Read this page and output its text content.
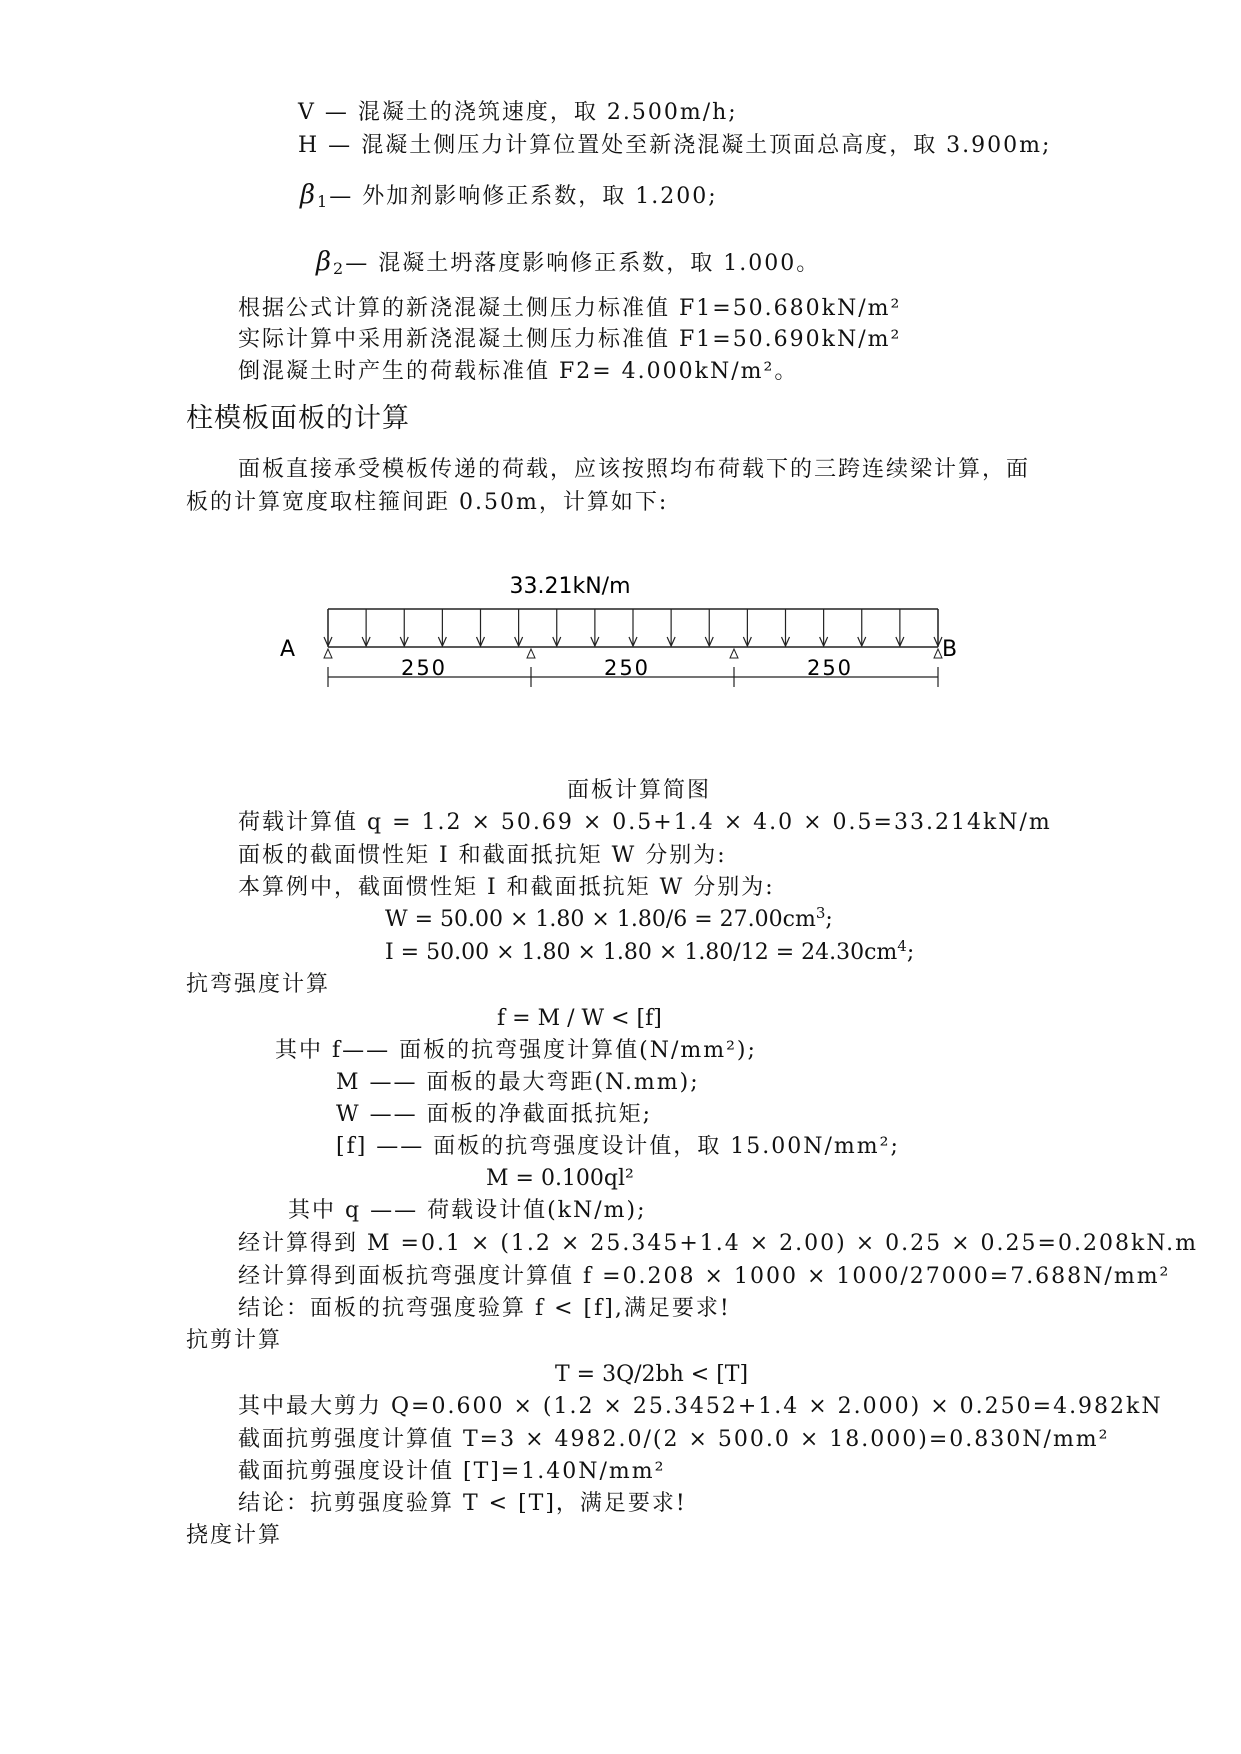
V — 混凝土的浇筑速度，取 2.500m/h;
H — 混凝土侧压力计算位置处至新浇混凝土顶面总高度，取 3.900m;
β1— 外加剂影响修正系数，取 1.200;
β2— 混凝土坍落度影响修正系数，取 1.000。
根据公式计算的新浇混凝土侧压力标准值 F1=50.680kN/m²
实际计算中采用新浇混凝土侧压力标准值 F1=50.690kN/m²
倒混凝土时产生的荷载标准值 F2= 4.000kN/m²。
柱模板面板的计算
面板直接承受模板传递的荷载，应该按照均布荷载下的三跨连续梁计算，面
板的计算宽度取柱箍间距 0.50m，计算如下:
33.21kN/m
A	B
250	250	250
面板计算简图
荷载计算值 q = 1.2 × 50.69 × 0.5+1.4 × 4.0 × 0.5=33.214kN/m
面板的截面惯性矩 I 和截面抵抗矩 W 分别为:
本算例中，截面惯性矩 I 和截面抵抗矩 W 分别为:
$W = 50.00 \times 1.80 \times 1.80/6 = 27.00cm^3$;
$I = 50.00 \times 1.80 \times 1.80 \times 1.80/12 = 24.30cm^4$;
抗弯强度计算
f = M / W < [f]
其中 f—— 面板的抗弯强度计算值(N/mm²);
M —— 面板的最大弯距(N.mm);
W —— 面板的净截面抵抗矩;
[f] —— 面板的抗弯强度设计值，取 15.00N/mm²;
M = 0.100ql²
其中 q —— 荷载设计值(kN/m);
经计算得到 M =0.1 × (1.2 × 25.345+1.4 × 2.00) × 0.25 × 0.25=0.208kN.m
经计算得到面板抗弯强度计算值 f =0.208 × 1000 × 1000/27000=7.688N/mm²
结论：面板的抗弯强度验算 f < [f],满足要求!
抗剪计算
T = 3Q/2bh < [T]
其中最大剪力 Q=0.600 × (1.2 × 25.3452+1.4 × 2.000) × 0.250=4.982kN
截面抗剪强度计算值 T=3 × 4982.0/(2 × 500.0 × 18.000)=0.830N/mm²
截面抗剪强度设计值 [T]=1.40N/mm²
结论：抗剪强度验算 T < [T]，满足要求!
挠度计算
